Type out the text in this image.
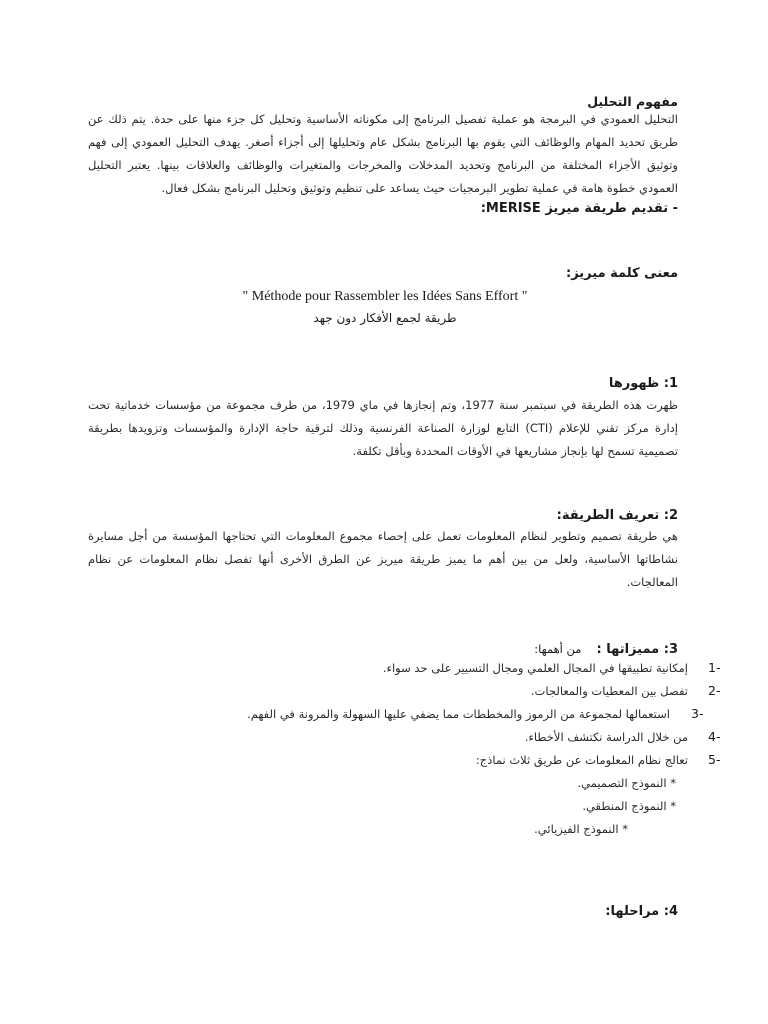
مفهوم التحليل
التحليل العمودي في البرمجة هو عملية تفصيل البرنامج إلى مكوناته الأساسية وتحليل كل جزء منها على حدة. يتم ذلك عن طريق تحديد المهام والوظائف التي يقوم بها البرنامج بشكل عام وتحليلها إلى أجزاء أصغر. يهدف التحليل العمودي إلى فهم وتوثيق الأجزاء المختلفة من البرنامج وتحديد المدخلات والمخرجات والمتغيرات والوظائف والعلاقات بينها. يعتبر التحليل العمودي خطوة هامة في عملية تطوير البرمجيات حيث يساعد على تنظيم وتوثيق وتحليل البرنامج بشكل فعال.
- تقديم طريقة ميريز MERISE:
معنى كلمة ميريز:
" Méthode pour Rassembler les Idées Sans Effort "
طريقة لجمع الأفكار دون جهد
1: ظهورها
ظهرت هذه الطريقة في سبتمبر سنة 1977، وتم إنجازها في ماي 1979، من طرف مجموعة من مؤسسات خدماتية تحت إدارة مركز تقني للإعلام (CTI) التابع لوزارة الصناعة الفرنسية وذلك لترقية حاجة الإدارة والمؤسسات وتزويدها بطريقة تصميمية تسمح لها بإنجاز مشاريعها في الأوقات المحددة وبأقل تكلفة.
2: تعريف الطريقة:
هي طريقة تصميم وتطوير لنظام المعلومات تعمل على إحصاء مجموع المعلومات التي تحتاجها المؤسسة من أجل مسايرة نشاطاتها الأساسية، ولعل من بين أهم ما يميز طريقة ميريز عن الطرق الأخرى أنها تفصل نظام المعلومات عن نظام المعالجات.
3: مميزاتها : من أهمها:
1-
إمكانية تطبيقها في المجال العلمي ومجال التسيير على حد سواء.
2-
تفصل بين المعطيات والمعالجات.
3-
استعمالها لمجموعة من الرموز والمخططات مما يضفي عليها السهولة والمرونة في الفهم.
4-
من خلال الدراسة نكتشف الأخطاء.
5-
تعالج نظام المعلومات عن طريق ثلاث نماذج:
* النموذج التصميمي.
* النموذج المنطقي.
* النموذج الفيزيائي.
4: مراحلها:
